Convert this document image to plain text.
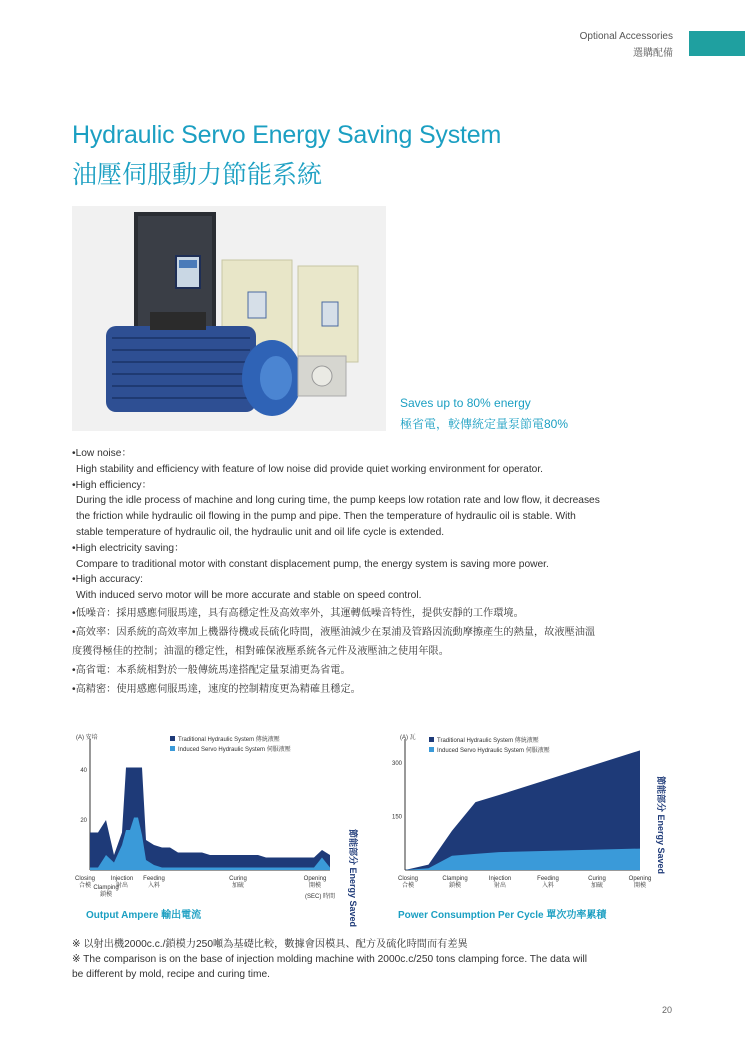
Optional Accessories
選購配備
Hydraulic Servo Energy Saving System
油壓伺服動力節能系統
Saves up to 80% energy
極省電，較傳統定量泵節電80%

•Low noise：

High stability and efficiency with feature of low noise did provide quiet working environment for operator.

•High efficiency：

During the idle process of machine and long curing time, the pump keeps low rotation rate and low flow, it decreases

the friction while hydraulic oil flowing in the pump and pipe. Then the temperature of hydraulic oil is stable. With

stable temperature of hydraulic oil, the hydraulic unit and oil life cycle is extended.

•High electricity saving：

Compare to traditional motor with constant displacement pump, the energy system is saving more power.

•High accuracy:

With induced servo motor will be more accurate and stable on speed control.

•低噪音：採用感應伺服馬達，具有高穩定性及高效率外，其運轉低噪音特性，提供安靜的工作環境。

•高效率：因系統的高效率加上機器待機或長硫化時間，液壓油減少在泵浦及管路因流動摩擦產生的熱量，故液壓油溫

度獲得極佳的控制；油溫的穩定性，相對確保液壓系統各元件及液壓油之使用年限。

•高省電：本系統相對於一般傳統馬達搭配定量泵浦更為省電。

•高精密：使用感應伺服馬達，速度的控制精度更為精確且穩定。

(A) 安培	(A) 瓦
Traditional Hydraulic System 傳統液壓
Induced Servo Hydraulic System 伺服液壓
Traditional Hydraulic System 傳統液壓
Induced Servo Hydraulic System 伺服液壓
(SEC) 時間
Output Ampere 輸出電流	Power Consumption Per Cycle 單次功率累積
節能部分 Energy Saved
節能部分 Energy Saved
20
40
Closing
合模 Clamping
鎖模
Injection
射出
Feeding
入料
Curing
加硫
Opening
開模
150
300
Closing
合模
Clamping
鎖模
Injection
射出
Feeding
入料
Curing
加硫
Opening
開模
※ 以射出機2000c.c./鎖模力250噸為基礎比較，數據會因模具、配方及硫化時間而有差異
※ The comparison is on the base of injection molding machine with 2000c.c/250 tons clamping force. The data will
be different by mold, recipe and curing time.
20
